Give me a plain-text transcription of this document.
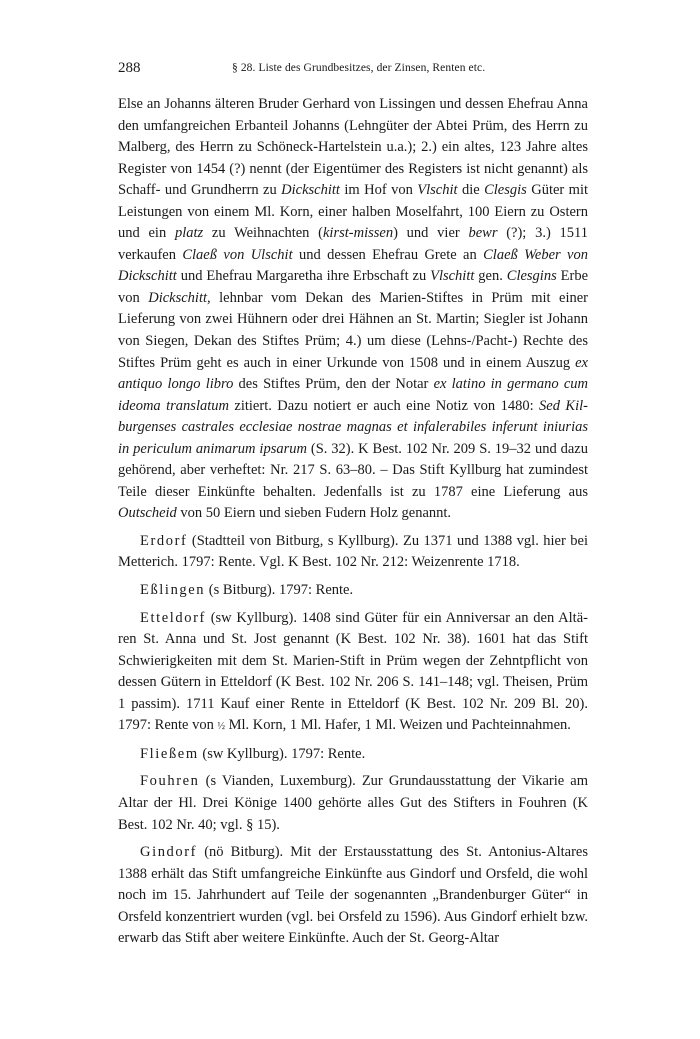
288	§ 28. Liste des Grundbesitzes, der Zinsen, Renten etc.

Else an Johanns älteren Bruder Gerhard von Lissingen und dessen Ehefrau Anna den umfangreichen Erbanteil Johanns (Lehngüter der Abtei Prüm, des Herrn zu Malberg, des Herrn zu Schöneck-Hartelstein u.a.); 2.) ein altes, 123 Jahre altes Register von 1454 (?) nennt (der Eigentümer des Registers ist nicht genannt) als Schaff- und Grundherrn zu Dickschitt im Hof von Vlschit die Clesgis Güter mit Leistungen von einem Ml. Korn, einer halben Moselfahrt, 100 Eiern zu Ostern und ein platz zu Weihnachten (kirst-missen) und vier bewr (?); 3.) 1511 verkaufen Claeß von Ulschit und dessen Ehefrau Grete an Claeß Weber von Dickschitt und Ehefrau Margaretha ihre Erbschaft zu Vlschitt gen. Clesgins Erbe von Dickschitt, lehnbar vom Dekan des Marien-Stiftes in Prüm mit einer Lieferung von zwei Hühnern oder drei Hähnen an St. Martin; Siegler ist Johann von Siegen, Dekan des Stiftes Prüm; 4.) um diese (Lehns-/Pacht-) Rechte des Stiftes Prüm geht es auch in einer Urkunde von 1508 und in einem Auszug ex antiquo longo libro des Stiftes Prüm, den der Notar ex latino in germano cum ideoma translatum zitiert. Dazu notiert er auch eine Notiz von 1480: Sed Kilburgenses castrales ecclesiae nostrae magnas et infalerabiles inferunt iniurias in periculum animarum ipsarum (S. 32). K Best. 102 Nr. 209 S. 19–32 und dazu gehörend, aber verheftet: Nr. 217 S. 63–80. – Das Stift Kyllburg hat zumindest Teile dieser Einkünfte behalten. Jedenfalls ist zu 1787 eine Lieferung aus Outscheid von 50 Eiern und sieben Fudern Holz genannt.

Erdorf (Stadtteil von Bitburg, s Kyllburg). Zu 1371 und 1388 vgl. hier bei Metterich. 1797: Rente. Vgl. K Best. 102 Nr. 212: Weizenrente 1718.

Eßlingen (s Bitburg). 1797: Rente.

Etteldorf (sw Kyllburg). 1408 sind Güter für ein Anniversar an den Altären St. Anna und St. Jost genannt (K Best. 102 Nr. 38). 1601 hat das Stift Schwierigkeiten mit dem St. Marien-Stift in Prüm wegen der Zehntpflicht von dessen Gütern in Etteldorf (K Best. 102 Nr. 206 S. 141–148; vgl. Theisen, Prüm 1 passim). 1711 Kauf einer Rente in Etteldorf (K Best. 102 Nr. 209 Bl. 20). 1797: Rente von ½ Ml. Korn, 1 Ml. Hafer, 1 Ml. Weizen und Pachteinnahmen.

Fließem (sw Kyllburg). 1797: Rente.

Fouhren (s Vianden, Luxemburg). Zur Grundausstattung der Vikarie am Altar der Hl. Drei Könige 1400 gehörte alles Gut des Stifters in Fouhren (K Best. 102 Nr. 40; vgl. § 15).

Gindorf (nö Bitburg). Mit der Erstausstattung des St. Antonius-Altares 1388 erhält das Stift umfangreiche Einkünfte aus Gindorf und Orsfeld, die wohl noch im 15. Jahrhundert auf Teile der sogenannten „Brandenburger Güter“ in Orsfeld konzentriert wurden (vgl. bei Orsfeld zu 1596). Aus Gindorf erhielt bzw. erwarb das Stift aber weitere Einkünfte. Auch der St. Georg-Altar
